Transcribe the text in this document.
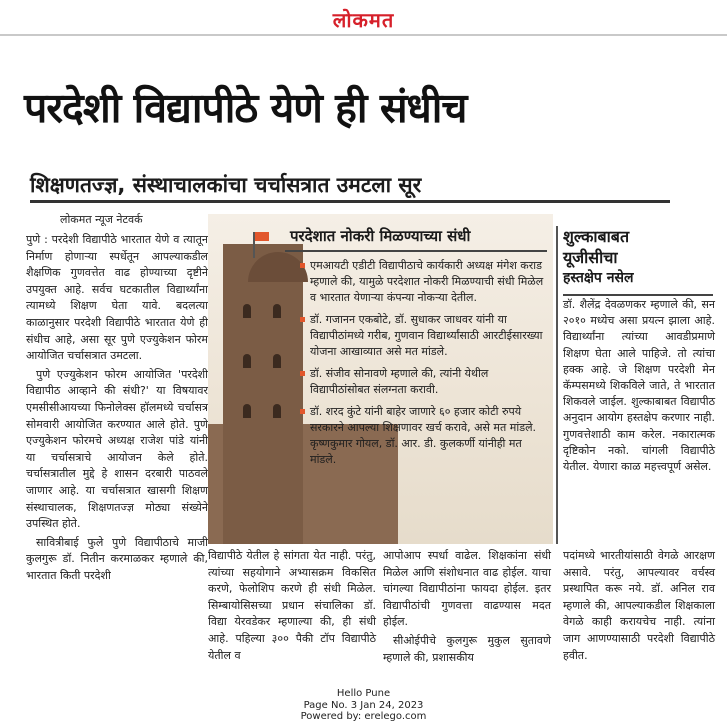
लोकमत
परदेशी विद्यापीठे येणे ही संधीच
शिक्षणतज्ज्ञ, संस्थाचालकांचा चर्चासत्रात उमटला सूर
लोकमत न्यूज नेटवर्क

पुणे : परदेशी विद्यापीठे भारतात येणे व त्यातून निर्माण होणाऱ्या स्पर्धेतून आपल्याकडील शैक्षणिक गुणवत्तेत वाढ होण्याच्या दृष्टीने उपयुक्त आहे. सर्वच घटकातील विद्यार्थ्यांना त्यामध्ये शिक्षण घेता यावे. बदलत्या काळानुसार परदेशी विद्यापीठे भारतात येणे ही संधीच आहे, असा सूर पुणे एज्युकेशन फोरम आयोजित चर्चासत्रात उमटला.

पुणे एज्युकेशन फोरम आयोजित 'परदेशी विद्यापीठ आव्हाने की संधी?' या विषयावर एमसीसीआयच्या फिनोलेक्स हॉलमध्ये चर्चासत्र सोमवारी आयोजित करण्यात आले होते. पुणे एज्युकेशन फोरमचे अध्यक्ष राजेश पांडे यांनी या चर्चासत्राचे आयोजन केले होते. चर्चासत्रातील मुद्दे हे शासन दरबारी पाठवले जाणार आहे. या चर्चासत्रात खासगी शिक्षण संस्थाचालक, शिक्षणतज्ज्ञ मोठ्या संख्येने उपस्थित होते.

सावित्रीबाई फुले पुणे विद्यापीठाचे माजी कुलगुरू डॉ. नितीन करमाळकर म्हणाले की, भारतात किती परदेशी

परदेशात नोकरी मिळण्याच्या संधी
एमआयटी एडीटी विद्यापीठाचे कार्यकारी अध्यक्ष मंगेश कराड म्हणाले की, यामुळे परदेशात नोकरी मिळण्याची संधी मिळेल व भारतात येणाऱ्या कंपन्या नोकऱ्या देतील.
डॉ. गजानन एकबोटे, डॉ. सुधाकर जाधवर यांनी या विद्यापीठांमध्ये गरीब, गुणवान विद्यार्थ्यांसाठी आरटीईसारख्या योजना आखाव्यात असे मत मांडले.
डॉ. संजीव सोनावणे म्हणाले की, त्यांनी येथील विद्यापीठांसोबत संलग्नता करावी.
डॉ. शरद कुंटे यांनी बाहेर जाणारे ६० हजार कोटी रुपये सरकारने आपल्या शिक्षणावर खर्च करावे, असे मत मांडले. कृष्णकुमार गोयल, डॉ. आर. डी. कुलकर्णी यांनीही मत मांडले.
शुल्काबाबत
यूजीसीचा
हस्तक्षेप नसेल
डॉ. शैलेंद्र देवळणकर म्हणाले की, सन २०१० मध्येच असा प्रयत्न झाला आहे. विद्यार्थ्यांना त्यांच्या आवडीप्रमाणे शिक्षण घेता आले पाहिजे. तो त्यांचा हक्क आहे. जे शिक्षण परदेशी मेन कॅम्पसमध्ये शिकविले जाते, ते भारतात शिकवले जाईल. शुल्काबाबत विद्यापीठ अनुदान आयोग हस्तक्षेप करणार नाही. गुणवत्तेशाठी काम करेल. नकारात्मक दृष्टिकोन नको. चांगली विद्यापीठे येतील. येणारा काळ महत्त्वपूर्ण असेल.
विद्यापीठे येतील हे सांगता येत नाही. परंतु, त्यांच्या सहयोगाने अभ्यासक्रम विकसित करणे, फेलोशिप करणे ही संधी मिळेल. सिम्बायोसिसच्या प्रधान संचालिका डॉ. विद्या येरवडेकर म्हणाल्या की, ही संधी आहे. पहिल्या ३०० पैकी टॉप विद्यापीठे येतील व

आपोआप स्पर्धा वाढेल. शिक्षकांना संधी मिळेल आणि संशोधनात वाढ होईल. याचा चांगल्या विद्यापीठांना फायदा होईल. इतर विद्यापीठांची गुणवत्ता वाढण्यास मदत होईल.

सीओईपीचे कुलगुरू मुकुल सुतावणे म्हणाले की, प्रशासकीय

पदांमध्ये भारतीयांसाठी वेगळे आरक्षण असावे. परंतु, आपल्यावर वर्चस्व प्रस्थापित करू नये. डॉ. अनिल राव म्हणाले की, आपल्याकडील शिक्षकाला वेगळे काही करायचेच नाही. त्यांना जाग आणण्यासाठी परदेशी विद्यापीठे हवीत.
Hello Pune
Page No. 3 Jan 24, 2023
Powered by: erelego.com
